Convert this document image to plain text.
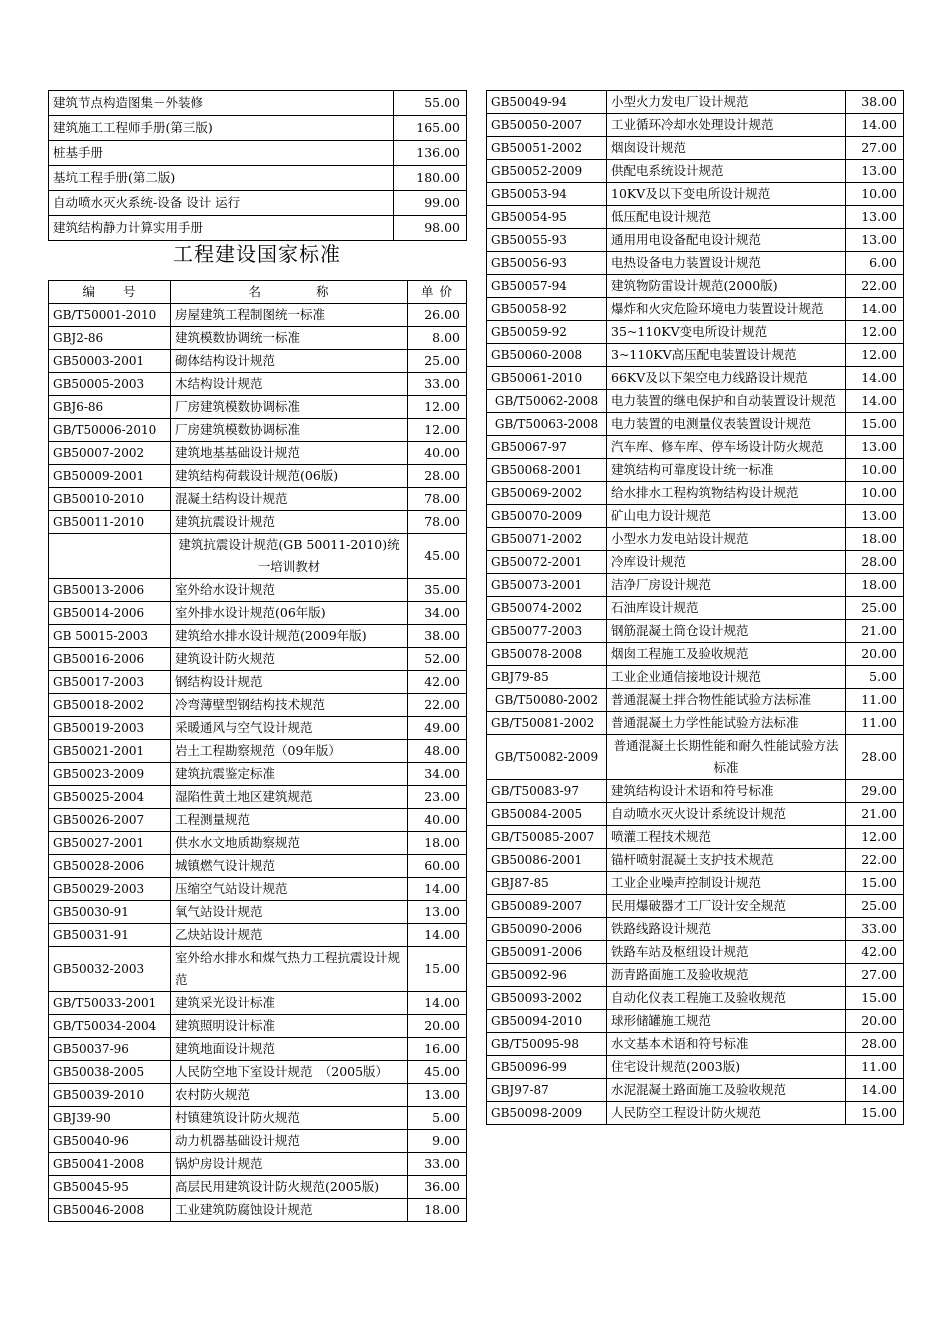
建筑节点构造图集－外装修	55.00
建筑施工工程师手册(第三版)	165.00
桩基手册	136.00
基坑工程手册(第二版)	180.00
自动喷水灭火系统-设备 设计 运行	99.00
建筑结构静力计算实用手册	98.00
工程建设国家标准
编　　号	名　　　　称	单 价
GB/T50001-2010	房屋建筑工程制图统一标准	26.00
GBJ2-86	建筑模数协调统一标准	8.00
GB50003-2001	砌体结构设计规范	25.00
GB50005-2003	木结构设计规范	33.00
GBJ6-86	厂房建筑模数协调标准	12.00
GB/T50006-2010	厂房建筑模数协调标准	12.00
GB50007-2002	建筑地基基础设计规范	40.00
GB50009-2001	建筑结构荷载设计规范(06版)	28.00
GB50010-2010	混凝土结构设计规范	78.00
GB50011-2010	建筑抗震设计规范	78.00
	建筑抗震设计规范(GB 50011-2010)统一培训教材	45.00
GB50013-2006	室外给水设计规范	35.00
GB50014-2006	室外排水设计规范(06年版)	34.00
GB 50015-2003	建筑给水排水设计规范(2009年版)	38.00
GB50016-2006	建筑设计防火规范	52.00
GB50017-2003	钢结构设计规范	42.00
GB50018-2002	冷弯薄壁型钢结构技术规范	22.00
GB50019-2003	采暖通风与空气设计规范	49.00
GB50021-2001	岩土工程勘察规范（09年版）	48.00
GB50023-2009	建筑抗震鉴定标准	34.00
GB50025-2004	湿陷性黄土地区建筑规范	23.00
GB50026-2007	工程测量规范	40.00
GB50027-2001	供水水文地质勘察规范	18.00
GB50028-2006	城镇燃气设计规范	60.00
GB50029-2003	压缩空气站设计规范	14.00
GB50030-91	氧气站设计规范	13.00
GB50031-91	乙炔站设计规范	14.00
GB50032-2003	室外给水排水和煤气热力工程抗震设计规范	15.00
GB/T50033-2001	建筑采光设计标准	14.00
GB/T50034-2004	建筑照明设计标准	20.00
GB50037-96	建筑地面设计规范	16.00
GB50038-2005	人民防空地下室设计规范　（2005版）	45.00
GB50039-2010	农村防火规范	13.00
GBJ39-90	村镇建筑设计防火规范	5.00
GB50040-96	动力机器基础设计规范	9.00
GB50041-2008	锅炉房设计规范	33.00
GB50045-95	高层民用建筑设计防火规范(2005版)	36.00
GB50046-2008	工业建筑防腐蚀设计规范	18.00
GB50049-94	小型火力发电厂设计规范	38.00
GB50050-2007	工业循环冷却水处理设计规范	14.00
GB50051-2002	烟囱设计规范	27.00
GB50052-2009	供配电系统设计规范	13.00
GB50053-94	10KV及以下变电所设计规范	10.00
GB50054-95	低压配电设计规范	13.00
GB50055-93	通用用电设备配电设计规范	13.00
GB50056-93	电热设备电力装置设计规范	6.00
GB50057-94	建筑物防雷设计规范(2000版)	22.00
GB50058-92	爆炸和火灾危险环境电力装置设计规范	14.00
GB50059-92	35~110KV变电所设计规范	12.00
GB50060-2008	3~110KV高压配电装置设计规范	12.00
GB50061-2010	66KV及以下架空电力线路设计规范	14.00
GB/T50062-2008	电力装置的继电保护和自动装置设计规范	14.00
GB/T50063-2008	电力装置的电测量仪表装置设计规范	15.00
GB50067-97	汽车库、修车库、停车场设计防火规范	13.00
GB50068-2001	建筑结构可靠度设计统一标准	10.00
GB50069-2002	给水排水工程构筑物结构设计规范	10.00
GB50070-2009	矿山电力设计规范	13.00
GB50071-2002	小型水力发电站设计规范	18.00
GB50072-2001	冷库设计规范	28.00
GB50073-2001	洁净厂房设计规范	18.00
GB50074-2002	石油库设计规范	25.00
GB50077-2003	钢筋混凝土筒仓设计规范	21.00
GB50078-2008	烟囱工程施工及验收规范	20.00
GBJ79-85	工业企业通信接地设计规范	5.00
GB/T50080-2002	普通混凝土拌合物性能试验方法标准	11.00
GB/T50081-2002	普通混凝土力学性能试验方法标准	11.00
GB/T50082-2009	普通混凝土长期性能和耐久性能试验方法标准	28.00
GB/T50083-97	建筑结构设计术语和符号标准	29.00
GB50084-2005	自动喷水灭火设计系统设计规范	21.00
GB/T50085-2007	喷灌工程技术规范	12.00
GB50086-2001	锚杆喷射混凝土支护技术规范	22.00
GBJ87-85	工业企业噪声控制设计规范	15.00
GB50089-2007	民用爆破器才工厂设计安全规范	25.00
GB50090-2006	铁路线路设计规范	33.00
GB50091-2006	铁路车站及枢纽设计规范	42.00
GB50092-96	沥青路面施工及验收规范	27.00
GB50093-2002	自动化仪表工程施工及验收规范	15.00
GB50094-2010	球形储罐施工规范	20.00
GB/T50095-98	水文基本术语和符号标准	28.00
GB50096-99	住宅设计规范(2003版)	11.00
GBJ97-87	水泥混凝土路面施工及验收规范	14.00
GB50098-2009	人民防空工程设计防火规范	15.00
